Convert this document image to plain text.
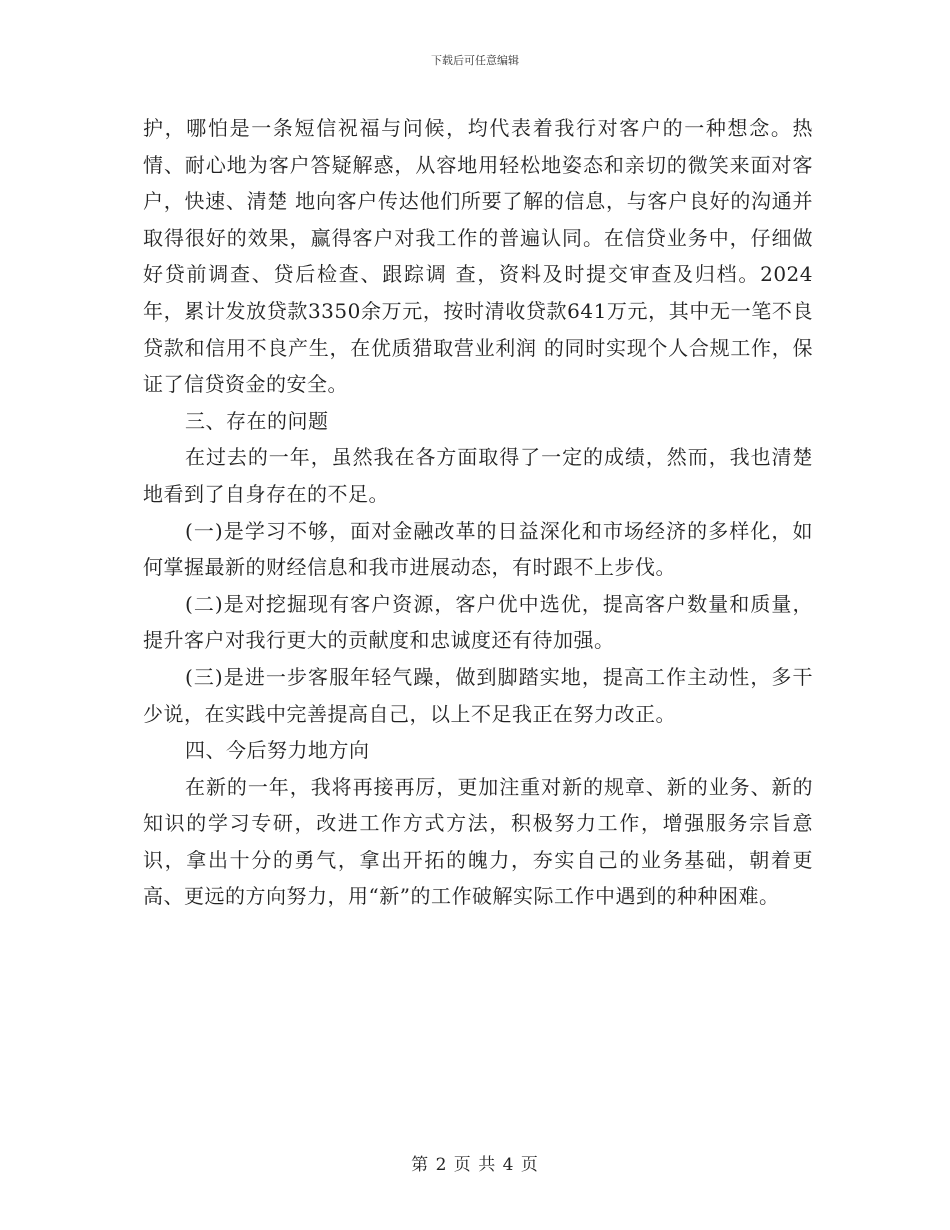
下载后可任意编辑

护，哪怕是一条短信祝福与问候，均代表着我行对客户的一种想念。热情、耐心地为客户答疑解惑，从容地用轻松地姿态和亲切的微笑来面对客户，快速、清楚 地向客户传达他们所要了解的信息，与客户良好的沟通并取得很好的效果，赢得客户对我工作的普遍认同。在信贷业务中，仔细做好贷前调查、贷后检查、跟踪调 查，资料及时提交审查及归档。2024年，累计发放贷款3350余万元，按时清收贷款641万元，其中无一笔不良贷款和信用不良产生，在优质猎取营业利润 的同时实现个人合规工作，保证了信贷资金的安全。

三、存在的问题

在过去的一年，虽然我在各方面取得了一定的成绩，然而，我也清楚地看到了自身存在的不足。

(一)是学习不够，面对金融改革的日益深化和市场经济的多样化，如何掌握最新的财经信息和我市进展动态，有时跟不上步伐。

(二)是对挖掘现有客户资源，客户优中选优，提高客户数量和质量，提升客户对我行更大的贡献度和忠诚度还有待加强。

(三)是进一步客服年轻气躁，做到脚踏实地，提高工作主动性，多干少说，在实践中完善提高自己，以上不足我正在努力改正。

四、今后努力地方向

在新的一年，我将再接再厉，更加注重对新的规章、新的业务、新的知识的学习专研，改进工作方式方法，积极努力工作，增强服务宗旨意识，拿出十分的勇气，拿出开拓的魄力，夯实自己的业务基础，朝着更高、更远的方向努力，用“新”的工作破解实际工作中遇到的种种困难。

第 2 页 共 4 页
